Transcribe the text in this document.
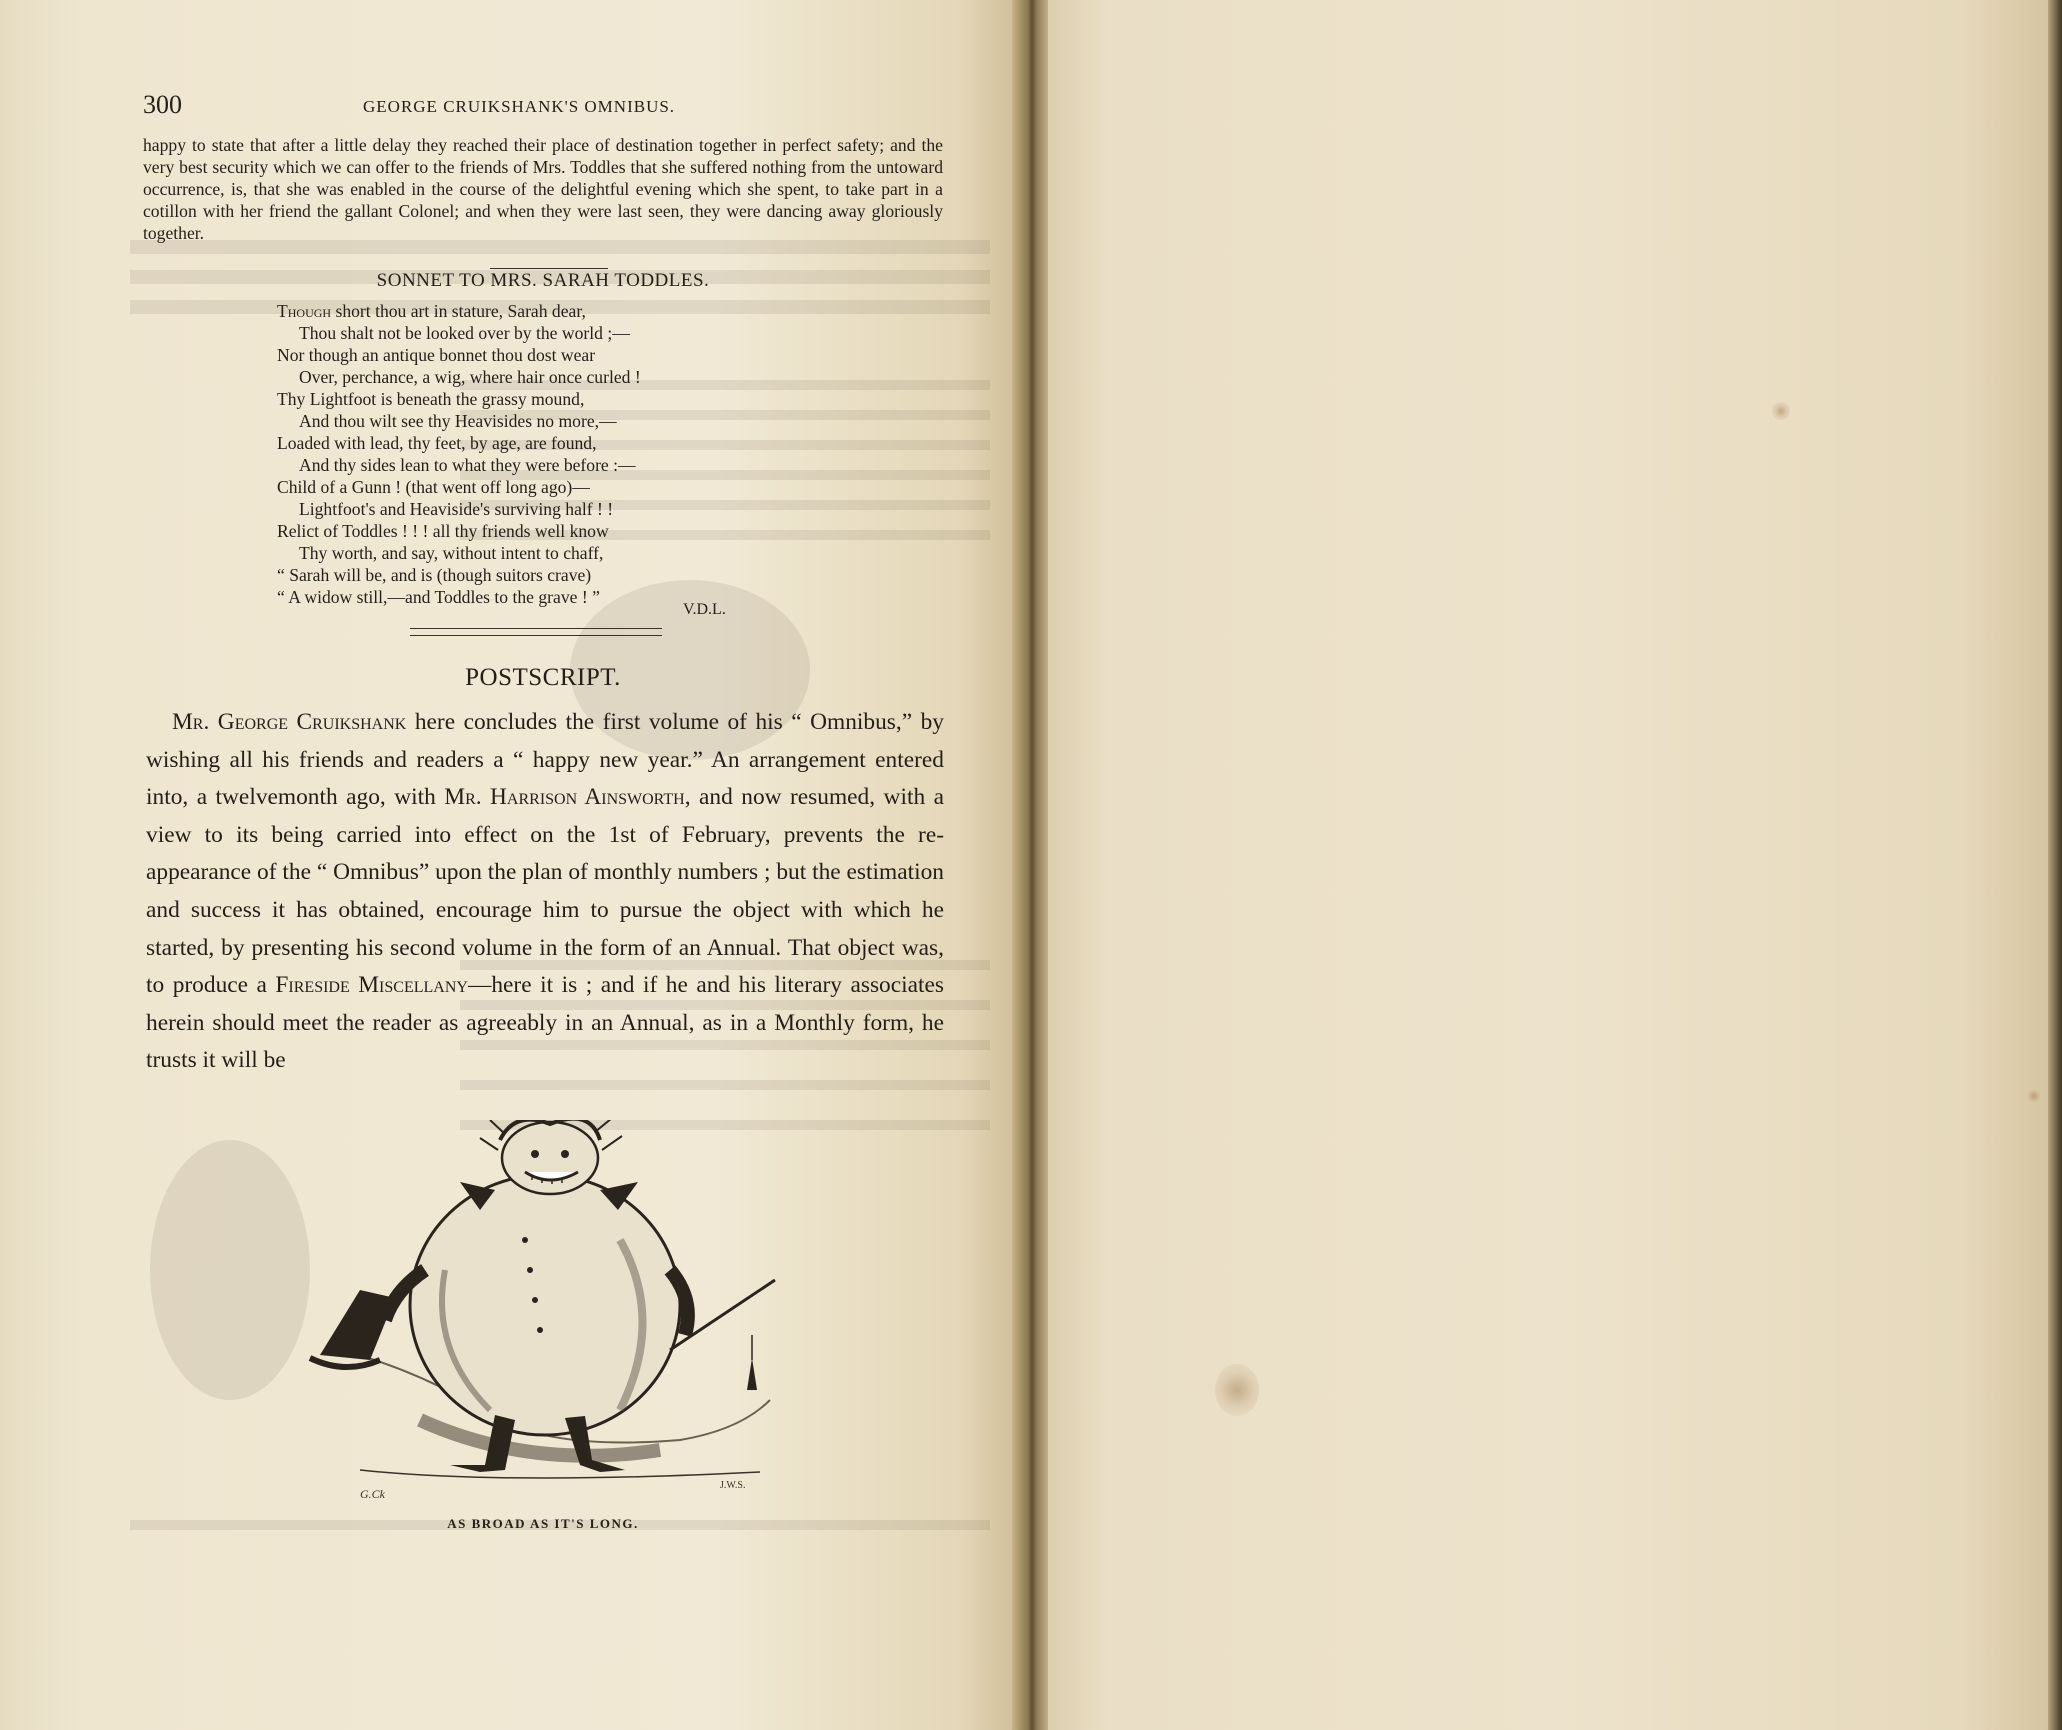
300	GEORGE CRUIKSHANK'S OMNIBUS.

happy to state that after a little delay they reached their place of destination together in perfect safety; and the very best security which we can offer to the friends of Mrs. Toddles that she suffered nothing from the untoward occurrence, is, that she was enabled in the course of the delightful evening which she spent, to take part in a cotillon with her friend the gallant Colonel; and when they were last seen, they were dancing away gloriously together.

SONNET TO MRS. SARAH TODDLES.
Though short thou art in stature, Sarah dear,
Thou shalt not be looked over by the world ;—
Nor though an antique bonnet thou dost wear
Over, perchance, a wig, where hair once curled !
Thy Lightfoot is beneath the grassy mound,
And thou wilt see thy Heavisides no more,—
Loaded with lead, thy feet, by age, are found,
And thy sides lean to what they were before :—
Child of a Gunn ! (that went off long ago)—
Lightfoot's and Heaviside's surviving half ! !
Relict of Toddles ! ! ! all thy friends well know
Thy worth, and say, without intent to chaff,
“ Sarah will be, and is (though suitors crave)
“ A widow still,—and Toddles to the grave ! ”
V.D.L.
POSTSCRIPT.
Mr. George Cruikshank here concludes the first volume of his “ Omnibus,” by wishing all his friends and readers a “ happy new year.” An arrangement entered into, a twelvemonth ago, with Mr. Harrison Ainsworth, and now resumed, with a view to its being carried into effect on the 1st of February, prevents the re-appearance of the “ Omnibus” upon the plan of monthly numbers ; but the estimation and success it has obtained, encourage him to pursue the object with which he started, by presenting his second volume in the form of an Annual. That object was, to produce a Fireside Miscellany—here it is ; and if he and his literary associates herein should meet the reader as agreeably in an Annual, as in a Monthly form, he trusts it will be
G.Ck
J.W.S.
AS BROAD AS IT'S LONG.
